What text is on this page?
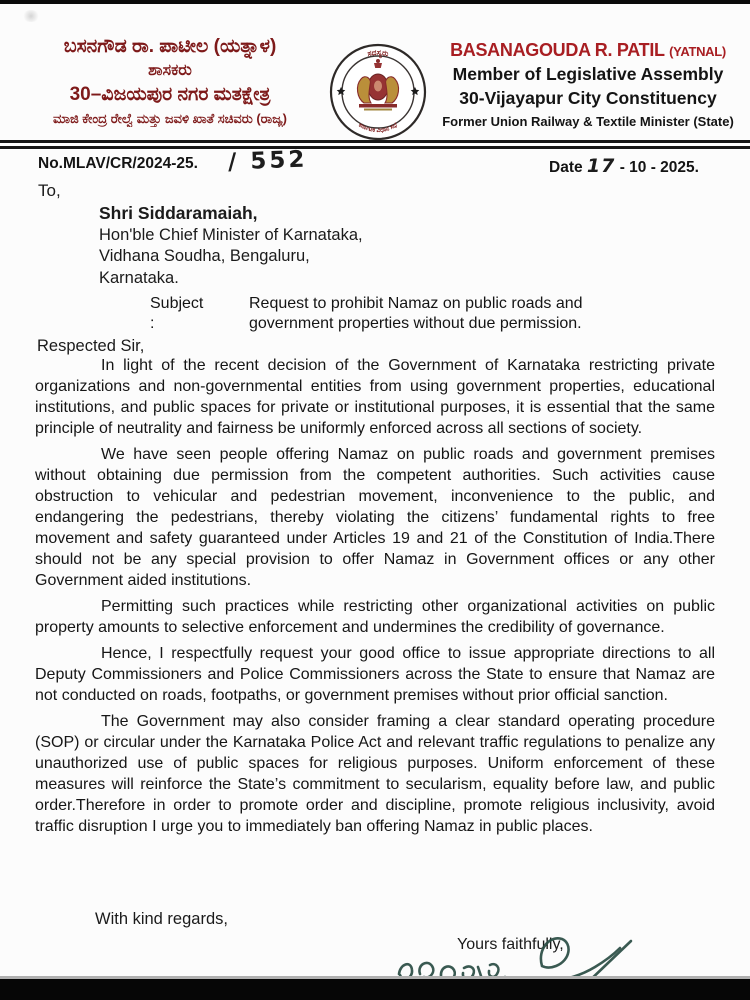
ಬಸನಗೌಡ ರಾ. ಪಾಟೀಲ (ಯತ್ನಾಳ)
ಶಾಸಕರು
30–ವಿಜಯಪುರ ನಗರ ಮತಕ್ಷೇತ್ರ
ಮಾಜಿ ಕೇಂದ್ರ ರೇಲ್ವೆ ಮತ್ತು ಜವಳಿ ಖಾತೆ ಸಚಿವರು (ರಾಜ್ಯ)
ಸದಸ್ಯರು
ಕರ್ನಾಟಕ ವಿಧಾನ ಸಭೆ
BASANAGOUDA R. PATIL (YATNAL)
Member of Legislative Assembly
30-Vijayapur City Constituency
Former Union Railway & Textile Minister (State)
No.MLAV/CR/2024-25. / 552	Date 17 - 10 - 2025.
To,
Shri Siddaramaiah,
Hon'ble Chief Minister of Karnataka,
Vidhana Soudha, Bengaluru,
Karnataka.
Subject :
Request to prohibit Namaz on public roads and government properties without due permission.
Respected Sir,

In light of the recent decision of the Government of Karnataka restricting private organizations and non-governmental entities from using government properties, educational institutions, and public spaces for private or institutional purposes, it is essential that the same principle of neutrality and fairness be uniformly enforced across all sections of society.

We have seen people offering Namaz on public roads and government premises without obtaining due permission from the competent authorities. Such activities cause obstruction to vehicular and pedestrian movement, inconvenience to the public, and endangering the pedestrians, thereby violating the citizens’ fundamental rights to free movement and safety guaranteed under Articles 19 and 21 of the Constitution of India.There should not be any special provision to offer Namaz in Government offices or any other Government aided institutions.

Permitting such practices while restricting other organizational activities on public property amounts to selective enforcement and undermines the credibility of governance.

Hence, I respectfully request your good office to issue appropriate directions to all Deputy Commissioners and Police Commissioners across the State to ensure that Namaz are not conducted on roads, footpaths, or government premises without prior official sanction.

The Government may also consider framing a clear standard operating procedure (SOP) or circular under the Karnataka Police Act and relevant traffic regulations to penalize any unauthorized use of public spaces for religious purposes. Uniform enforcement of these measures will reinforce the State’s commitment to secularism, equality before law, and public order.Therefore in order to promote order and discipline, promote religious inclusivity, avoid traffic disruption I urge you to immediately ban offering Namaz in public places.

With kind regards,
Yours faithfully,
